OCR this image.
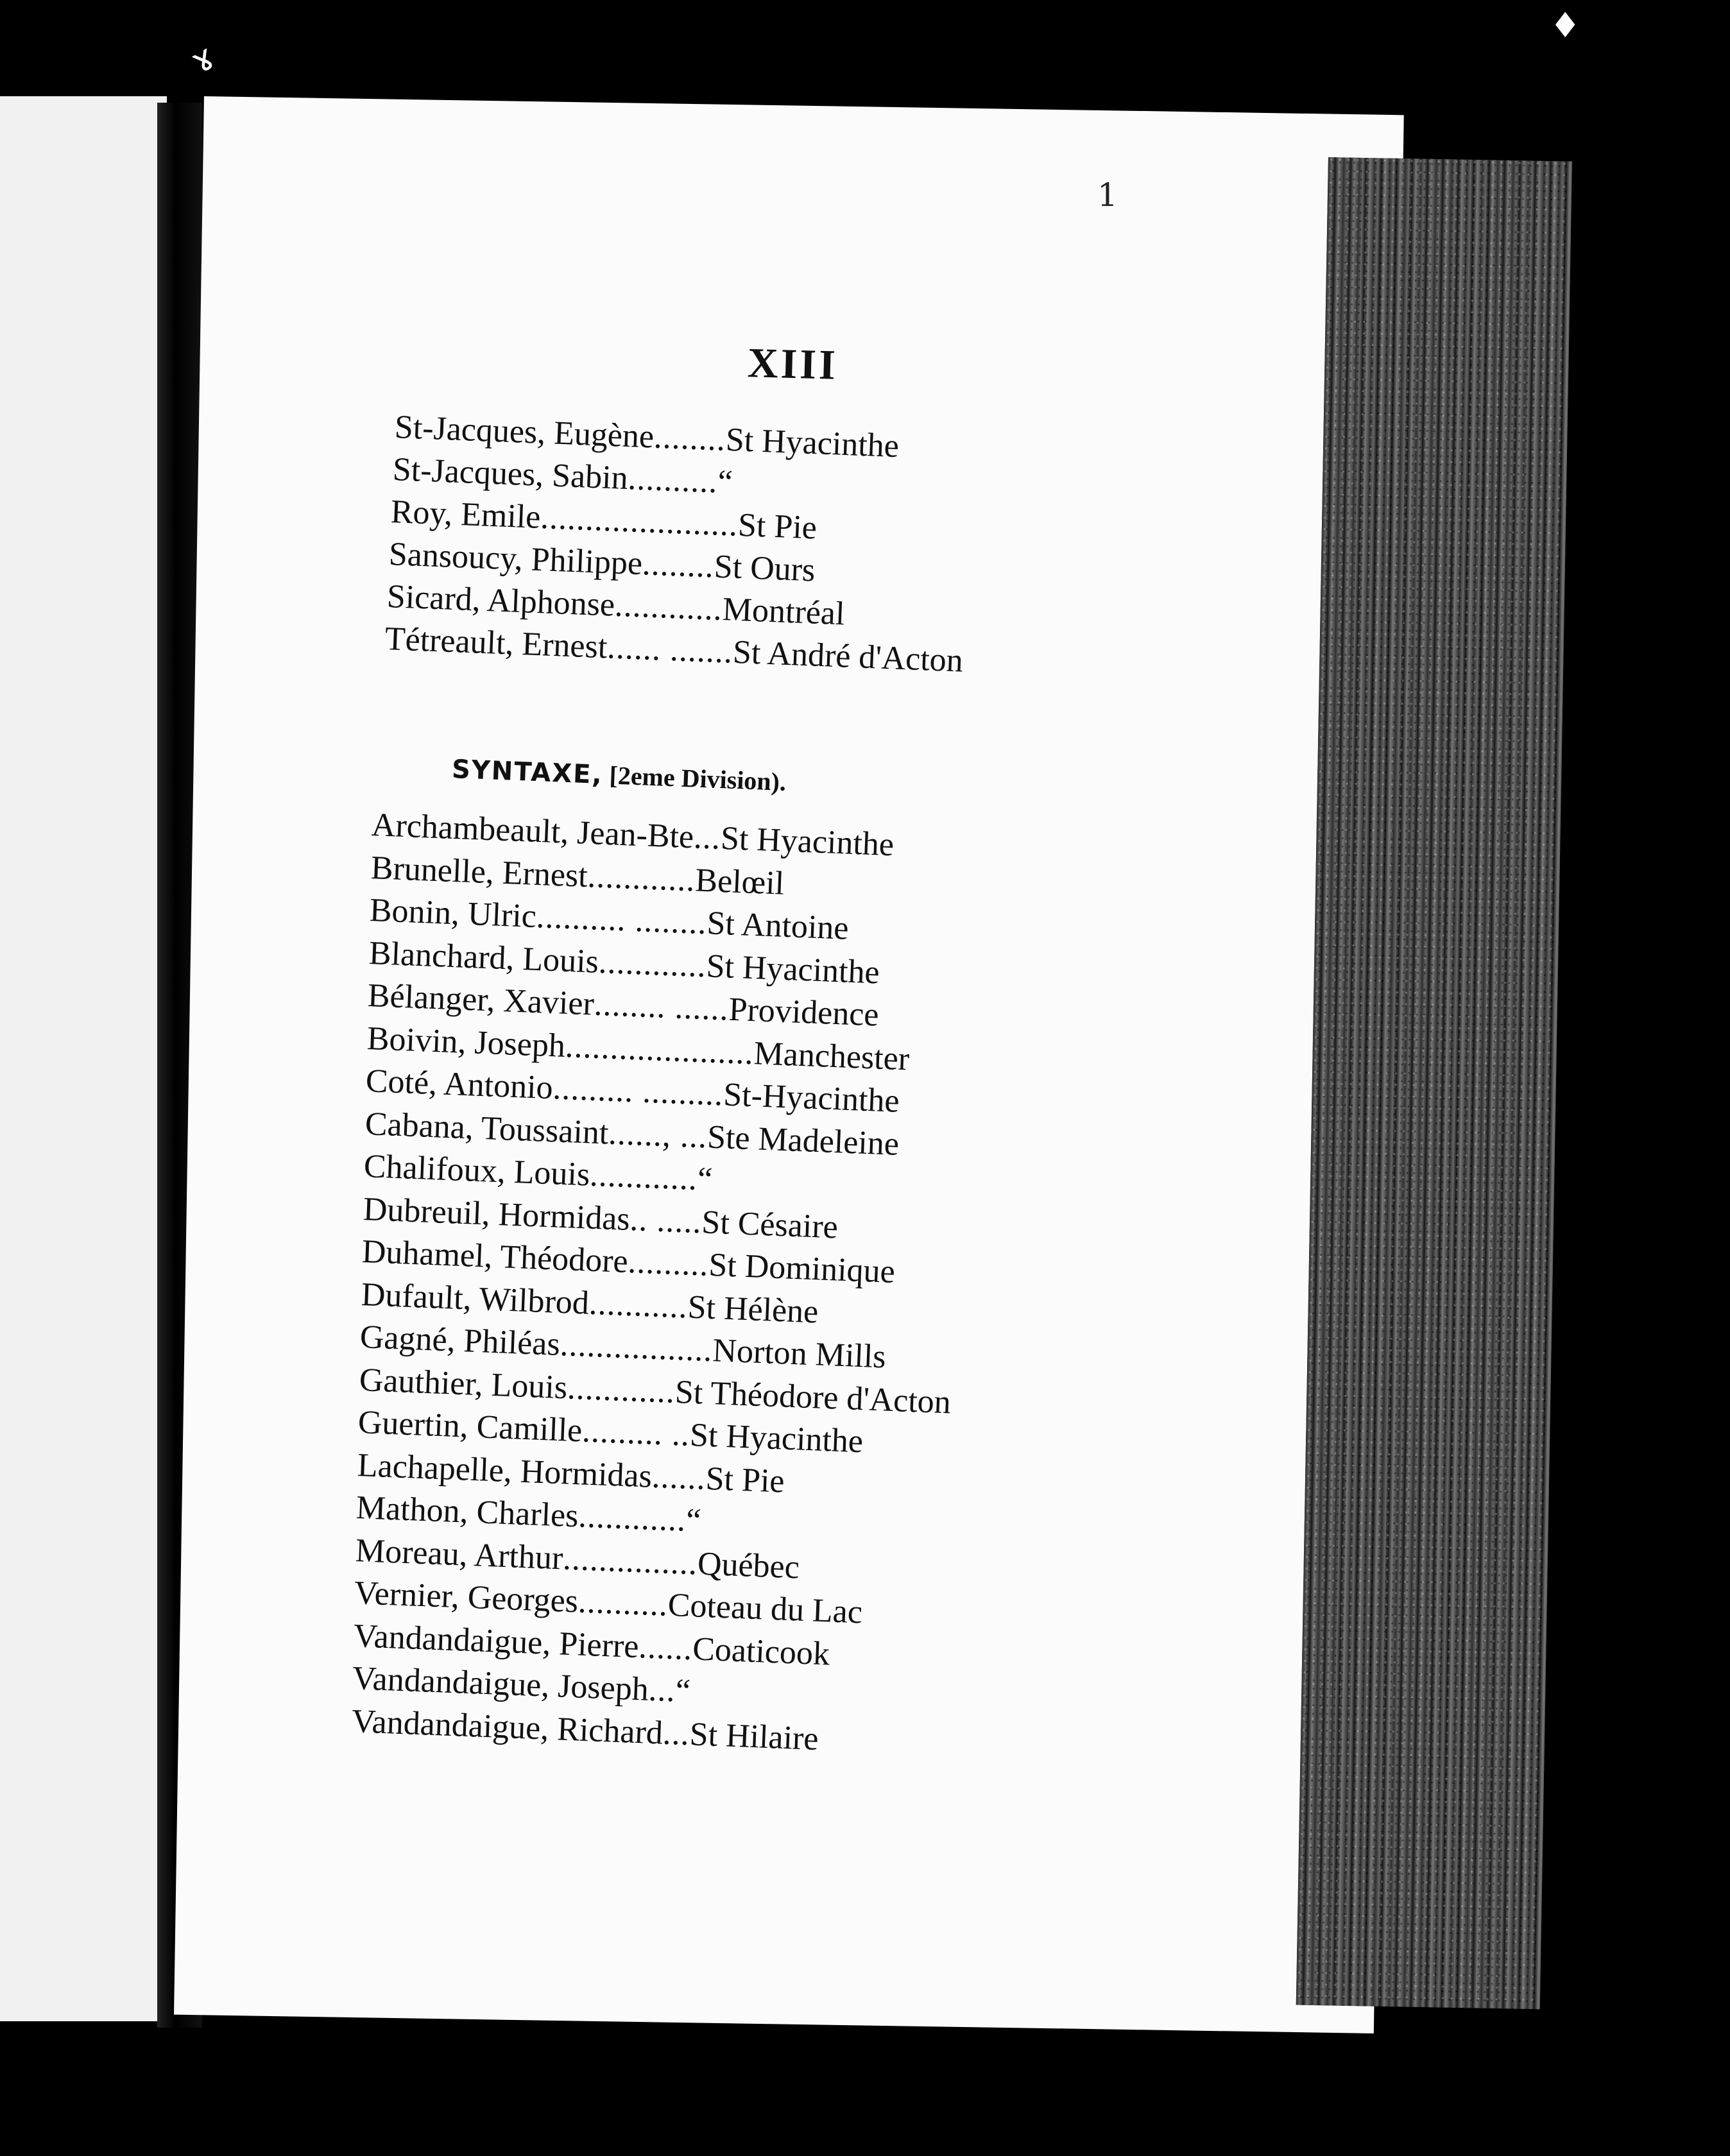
ɤ
♦
1
XIII
St-Jacques, Eugène........St Hyacinthe
St-Jacques, Sabin..........“
Roy, Emile......................St Pie
Sansoucy, Philippe........St Ours
Sicard, Alphonse............Montréal
Tétreault, Ernest...... .......St André d'Acton
SYNTAXE, [2eme Division).
Archambeault, Jean-Bte...St Hyacinthe
Brunelle, Ernest............Belœil
Bonin, Ulric.......... ........St Antoine
Blanchard, Louis............St Hyacinthe
Bélanger, Xavier........ ......Providence
Boivin, Joseph.....................Manchester
Coté, Antonio......... .........St-Hyacinthe
Cabana, Toussaint......, ...Ste Madeleine
Chalifoux, Louis............“
Dubreuil, Hormidas.. .....St Césaire
Duhamel, Théodore.........St Dominique
Dufault, Wilbrod...........St Hélène
Gagné, Philéas.................Norton Mills
Gauthier, Louis............St Théodore d'Acton
Guertin, Camille......... ..St Hyacinthe
Lachapelle, Hormidas......St Pie
Mathon, Charles............“
Moreau, Arthur...............Québec
Vernier, Georges..........Coteau du Lac
Vandandaigue, Pierre......Coaticook
Vandandaigue, Joseph...“
Vandandaigue, Richard...St Hilaire
